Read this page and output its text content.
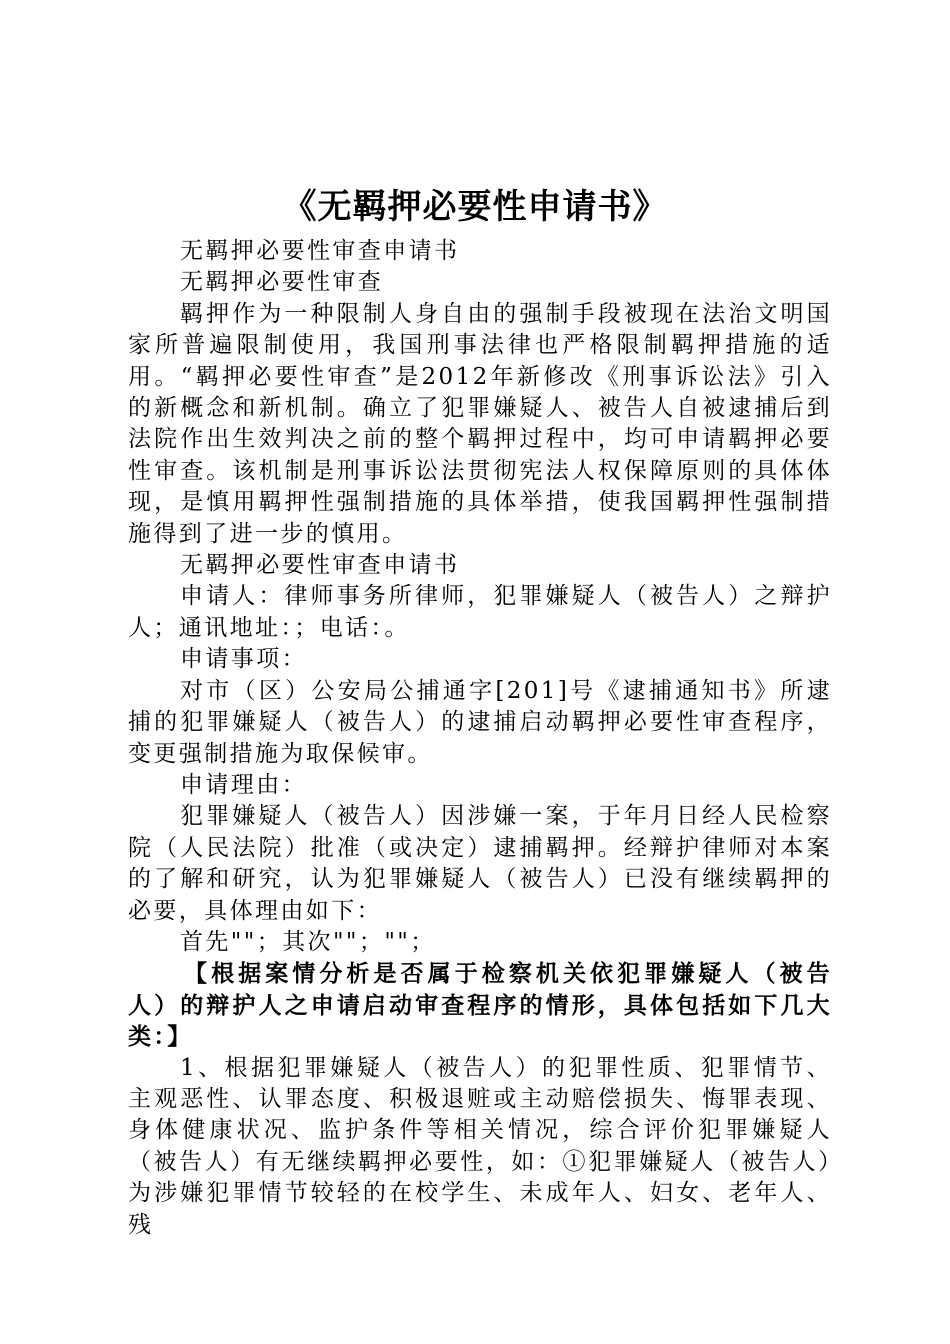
《无羁押必要性申请书》

无羁押必要性审查申请书

无羁押必要性审查

羁押作为一种限制人身自由的强制手段被现在法治文明国家所普遍限制使用，我国刑事法律也严格限制羁押措施的适用。“羁押必要性审查”是2012年新修改《刑事诉讼法》引入的新概念和新机制。确立了犯罪嫌疑人、被告人自被逮捕后到法院作出生效判决之前的整个羁押过程中，均可申请羁押必要性审查。该机制是刑事诉讼法贯彻宪法人权保障原则的具体体现，是慎用羁押性强制措施的具体举措，使我国羁押性强制措施得到了进一步的慎用。

无羁押必要性审查申请书

申请人：律师事务所律师，犯罪嫌疑人（被告人）之辩护人；通讯地址：；电话：。

申请事项：

对市（区）公安局公捕通字[201]号《逮捕通知书》所逮捕的犯罪嫌疑人（被告人）的逮捕启动羁押必要性审查程序，变更强制措施为取保候审。

申请理由：

犯罪嫌疑人（被告人）因涉嫌一案，于年月日经人民检察院（人民法院）批准（或决定）逮捕羁押。经辩护律师对本案的了解和研究，认为犯罪嫌疑人（被告人）已没有继续羁押的必要，具体理由如下：

首先""；其次""；""；

【根据案情分析是否属于检察机关依犯罪嫌疑人（被告人）的辩护人之申请启动审查程序的情形，具体包括如下几大类：】

1、根据犯罪嫌疑人（被告人）的犯罪性质、犯罪情节、主观恶性、认罪态度、积极退赃或主动赔偿损失、悔罪表现、身体健康状况、监护条件等相关情况，综合评价犯罪嫌疑人（被告人）有无继续羁押必要性，如：①犯罪嫌疑人（被告人）为涉嫌犯罪情节较轻的在校学生、未成年人、妇女、老年人、残
